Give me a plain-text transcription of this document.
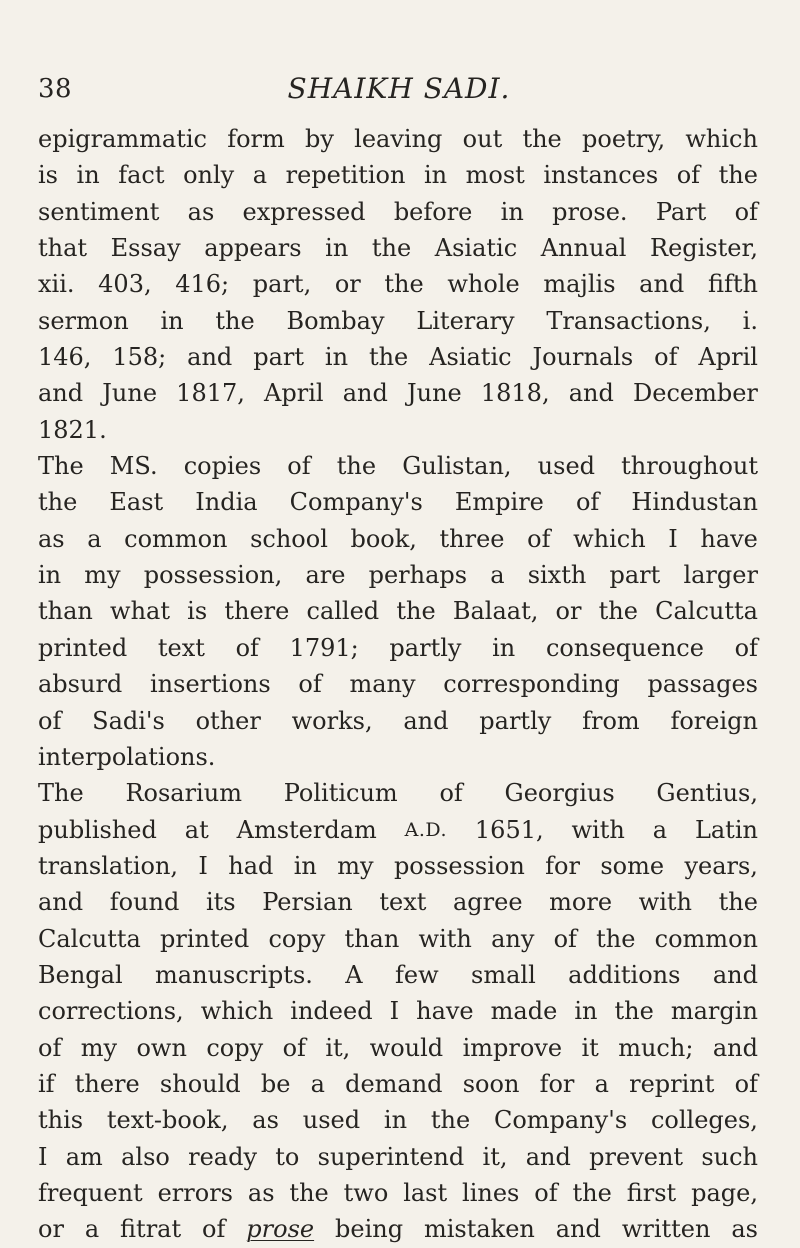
38	SHAIKH SADI.
epigrammatic form by leaving out the poetry, which
is in fact only a repetition in most instances of the
sentiment as expressed before in prose. Part of
that Essay appears in the Asiatic Annual Register,
xii. 403, 416; part, or the whole majlis and fifth
sermon in the Bombay Literary Transactions, i.
146, 158; and part in the Asiatic Journals of April
and June 1817, April and June 1818, and December
1821.
The MS. copies of the Gulistan, used throughout
the East India Company's Empire of Hindustan
as a common school book, three of which I have
in my possession, are perhaps a sixth part larger
than what is there called the Balaat, or the Calcutta
printed text of 1791; partly in consequence of
absurd insertions of many corresponding passages
of Sadi's other works, and partly from foreign
interpolations.
The Rosarium Politicum of Georgius Gentius,
published at Amsterdam A.D. 1651, with a Latin
translation, I had in my possession for some years,
and found its Persian text agree more with the
Calcutta printed copy than with any of the common
Bengal manuscripts. A few small additions and
corrections, which indeed I have made in the margin
of my own copy of it, would improve it much; and
if there should be a demand soon for a reprint of
this text-book, as used in the Company's colleges,
I am also ready to superintend it, and prevent such
frequent errors as the two last lines of the first page,
or a fitrat of prose being mistaken and written as
